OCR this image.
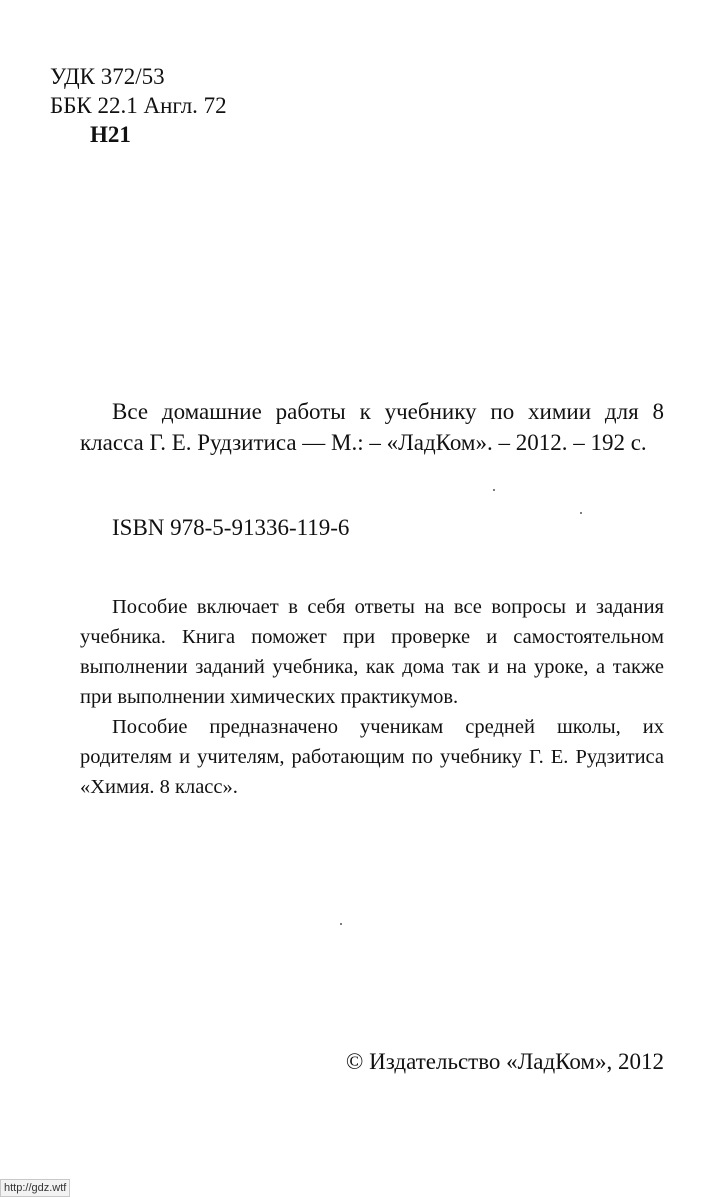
УДК 372/53
ББК 22.1 Англ. 72
Н21

Все домашние работы к учебнику по химии для 8 класса Г. Е. Рудзитиса — М.: – «ЛадКом». – 2012. – 192 с.

ISBN 978-5-91336-119-6

Пособие включает в себя ответы на все вопросы и задания учебника. Книга поможет при проверке и самостоятельном выполнении заданий учебника, как дома так и на уроке, а также при выполнении химических практикумов.

Пособие предназначено ученикам средней школы, их родителям и учителям, работающим по учебнику Г. Е. Рудзитиса «Химия. 8 класс».

© Издательство «ЛадКом», 2012
http://gdz.wtf
